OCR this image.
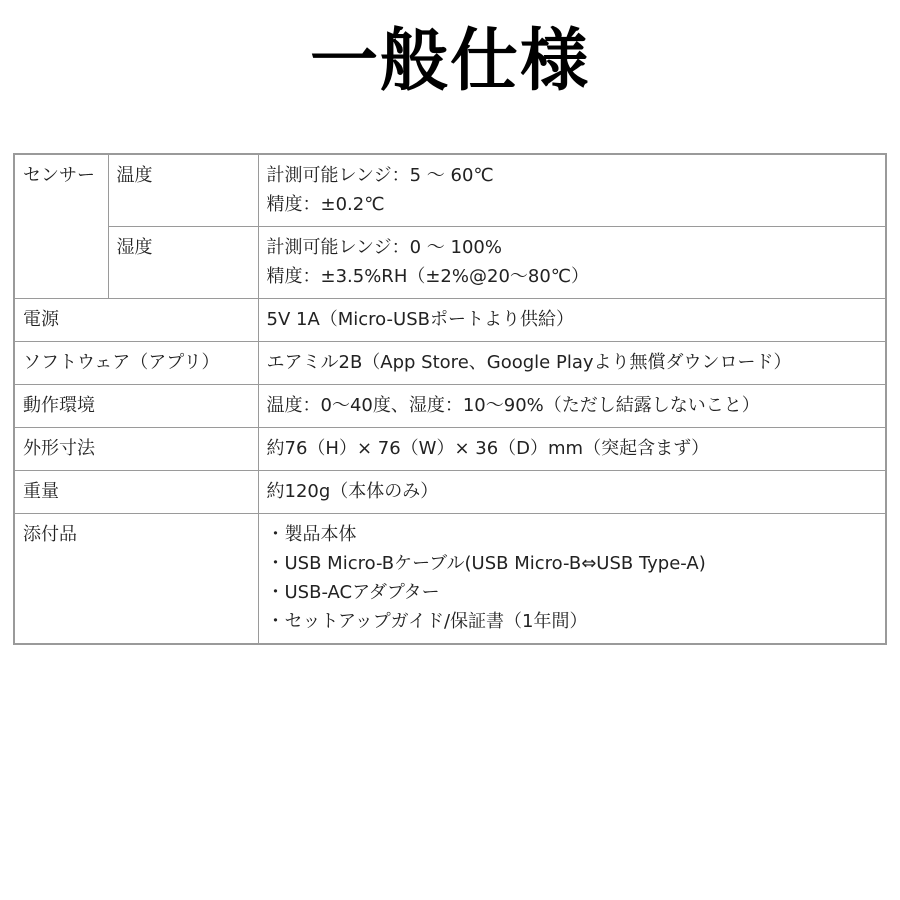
一般仕様
センサー	温度	計測可能レンジ：5 ～ 60℃
精度：±0.2℃

	湿度	計測可能レンジ：0 ～ 100%
精度：±3.5%RH（±2%@20～80℃）

電源		5V 1A（Micro-USBポートより供給）
ソフトウェア（アプリ）		エアミル2B（App Store、Google Playより無償ダウンロード）
動作環境		温度：0～40度、湿度：10～90%（ただし結露しないこと）
外形寸法		約76（H）× 76（W）× 36（D）mm（突起含まず）
重量		約120g（本体のみ）
添付品		・製品本体
・USB Micro-Bケーブル(USB Micro-B⇔USB Type-A)
・USB-ACアダプター
・セットアップガイド/保証書（1年間）
